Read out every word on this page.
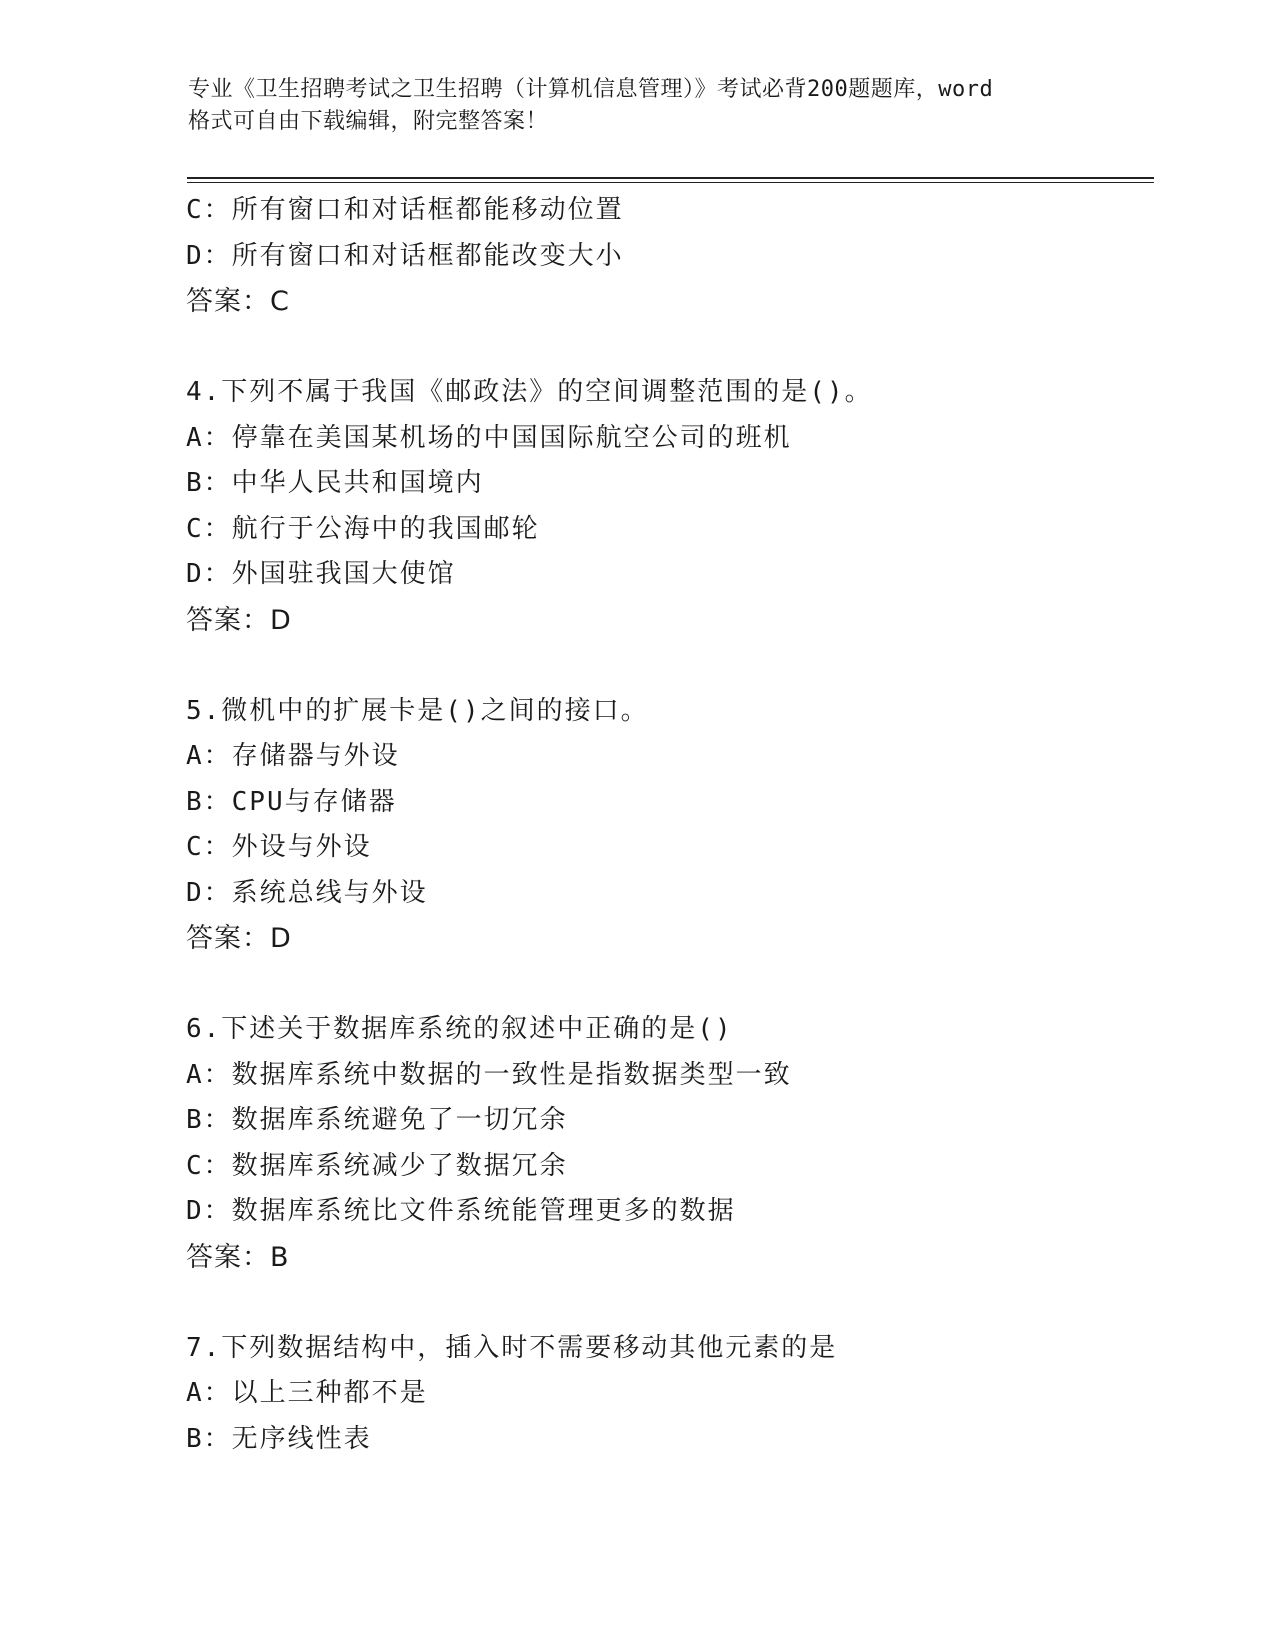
专业《卫生招聘考试之卫生招聘（计算机信息管理）》考试必背200题题库，word
格式可自由下载编辑，附完整答案！
C：所有窗口和对话框都能移动位置
D：所有窗口和对话框都能改变大小
答案：C
4.下列不属于我国《邮政法》的空间调整范围的是()。
A：停靠在美国某机场的中国国际航空公司的班机
B：中华人民共和国境内
C：航行于公海中的我国邮轮
D：外国驻我国大使馆
答案：D
5.微机中的扩展卡是()之间的接口。
A：存储器与外设
B：CPU与存储器
C：外设与外设
D：系统总线与外设
答案：D
6.下述关于数据库系统的叙述中正确的是()
A：数据库系统中数据的一致性是指数据类型一致
B：数据库系统避免了一切冗余
C：数据库系统减少了数据冗余
D：数据库系统比文件系统能管理更多的数据
答案：B
7.下列数据结构中，插入时不需要移动其他元素的是
A：以上三种都不是
B：无序线性表
